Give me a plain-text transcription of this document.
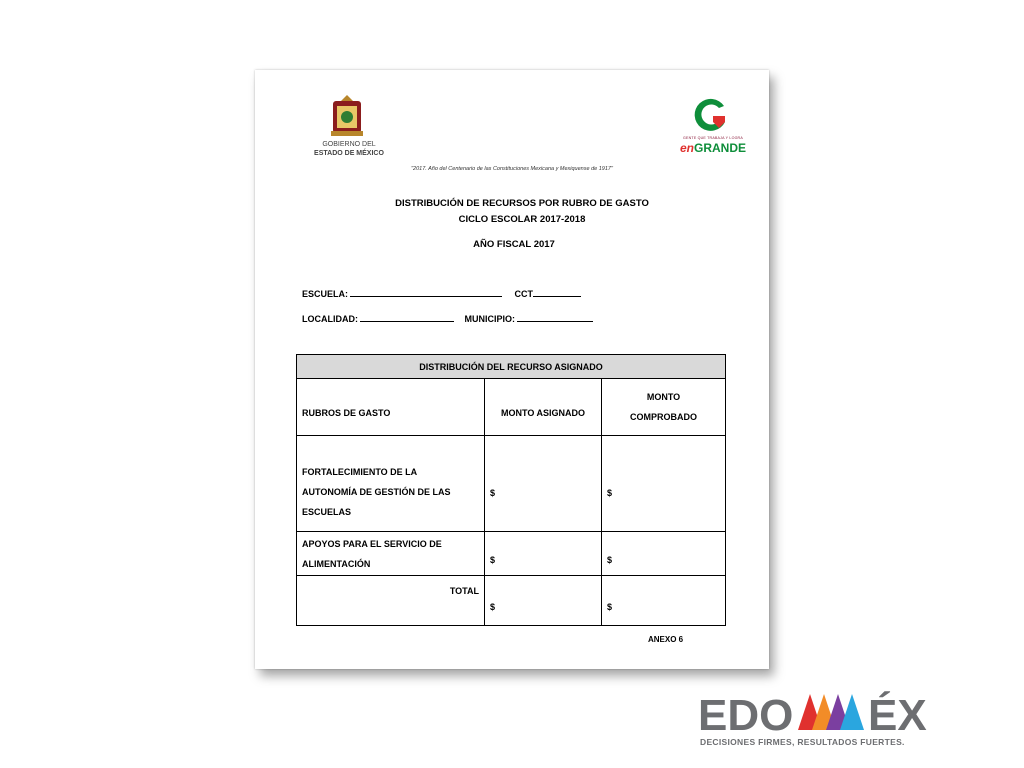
GOBIERNO DEL
ESTADO DE MÉXICO
GENTE QUE TRABAJA Y LOGRA
enGRANDE
"2017. Año del Centenario de las Constituciones Mexicana y Mexiquense de 1917"
DISTRIBUCIÓN DE RECURSOS POR RUBRO DE GASTO
CICLO ESCOLAR 2017-2018
AÑO FISCAL 2017
ESCUELA:	CCT
LOCALIDAD:	MUNICIPIO:
DISTRIBUCIÓN DEL RECURSO ASIGNADO		
RUBROS DE GASTO	MONTO ASIGNADO	MONTO
COMPROBADO

FORTALECIMIENTO DE LA
AUTONOMÍA DE GESTIÓN DE LAS
ESCUELAS	$	$

APOYOS PARA EL SERVICIO DE
ALIMENTACIÓN	$	$

TOTAL	$	$
ANEXO 6
EDO ÉX
DECISIONES FIRMES, RESULTADOS FUERTES.
